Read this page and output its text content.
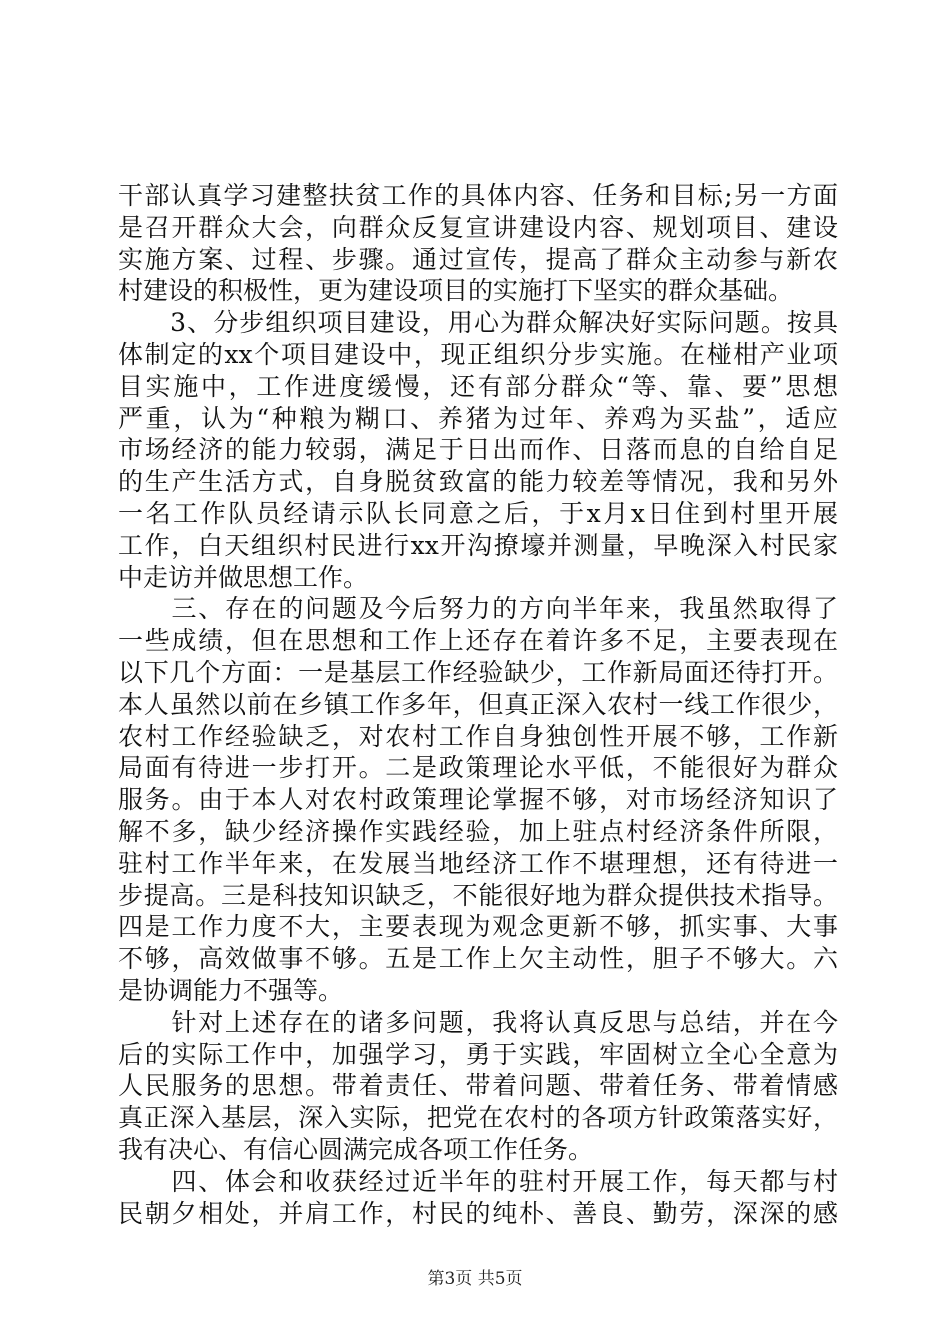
干部认真学习建整扶贫工作的具体内容、任务和目标;另一方面
是召开群众大会，向群众反复宣讲建设内容、规划项目、建设
实施方案、过程、步骤。通过宣传，提高了群众主动参与新农
村建设的积极性，更为建设项目的实施打下坚实的群众基础。
　　3、分步组织项目建设，用心为群众解决好实际问题。按具
体制定的xx个项目建设中，现正组织分步实施。在椪柑产业项
目实施中，工作进度缓慢，还有部分群众“等、靠、要”思想
严重，认为“种粮为糊口、养猪为过年、养鸡为买盐”，适应
市场经济的能力较弱，满足于日出而作、日落而息的自给自足
的生产生活方式，自身脱贫致富的能力较差等情况，我和另外
一名工作队员经请示队长同意之后，于x月x日住到村里开展
工作，白天组织村民进行xx开沟撩壕并测量，早晚深入村民家
中走访并做思想工作。
　　三、存在的问题及今后努力的方向半年来，我虽然取得了
一些成绩，但在思想和工作上还存在着许多不足，主要表现在
以下几个方面：一是基层工作经验缺少，工作新局面还待打开。
本人虽然以前在乡镇工作多年，但真正深入农村一线工作很少，
农村工作经验缺乏，对农村工作自身独创性开展不够，工作新
局面有待进一步打开。二是政策理论水平低，不能很好为群众
服务。由于本人对农村政策理论掌握不够，对市场经济知识了
解不多，缺少经济操作实践经验，加上驻点村经济条件所限，
驻村工作半年来，在发展当地经济工作不堪理想，还有待进一
步提高。三是科技知识缺乏，不能很好地为群众提供技术指导。
四是工作力度不大，主要表现为观念更新不够，抓实事、大事
不够，高效做事不够。五是工作上欠主动性，胆子不够大。六
是协调能力不强等。
　　针对上述存在的诸多问题，我将认真反思与总结，并在今
后的实际工作中，加强学习，勇于实践，牢固树立全心全意为
人民服务的思想。带着责任、带着问题、带着任务、带着情感
真正深入基层，深入实际，把党在农村的各项方针政策落实好，
我有决心、有信心圆满完成各项工作任务。
　　四、体会和收获经过近半年的驻村开展工作，每天都与村
民朝夕相处，并肩工作，村民的纯朴、善良、勤劳，深深的感
第3页 共5页
